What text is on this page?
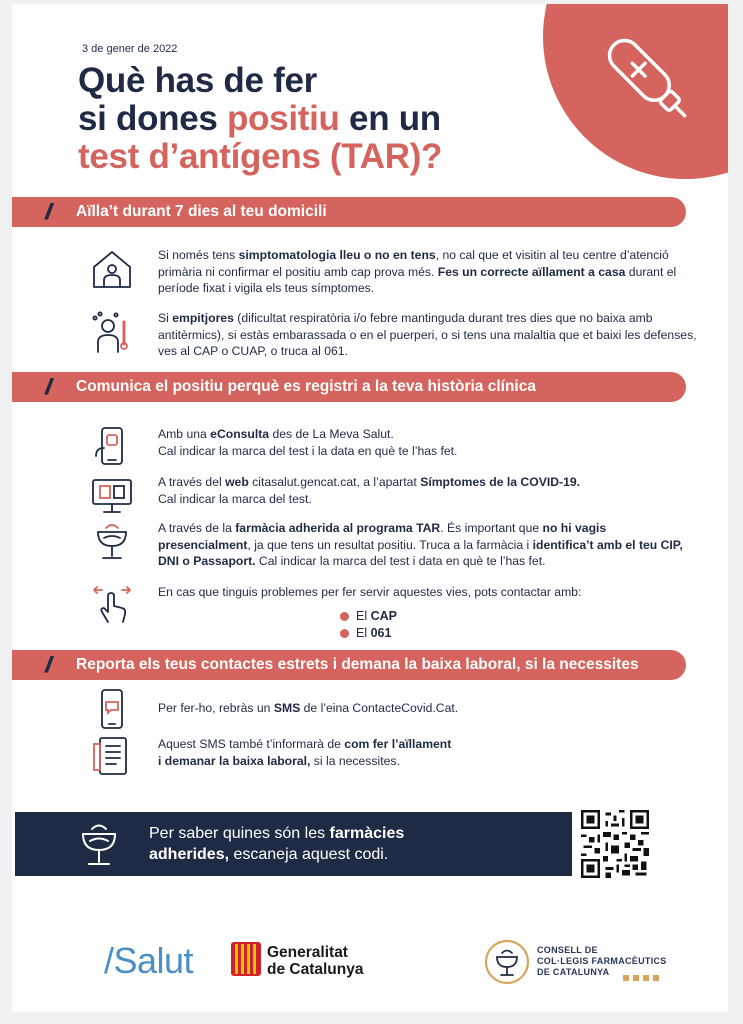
3 de gener de 2022
Què has de fer
si dones positiu en un
test d’antígens (TAR)?
// Aïlla’t durant 7 dies al teu domicili
Si només tens simptomatologia lleu o no en tens, no cal que et visitin al teu centre d’atenció primària ni confirmar el positiu amb cap prova més. Fes un correcte aïllament a casa durant el període fixat i vigila els teus símptomes.
Si empitjores (dificultat respiratòria i/o febre mantinguda durant tres dies que no baixa amb antitèrmics), si estàs embarassada o en el puerperi, o si tens una malaltia que et baixi les defenses, ves al CAP o CUAP, o truca al 061.
// Comunica el positiu perquè es registri a la teva història clínica
Amb una eConsulta des de La Meva Salut.
Cal indicar la marca del test i la data en què te l’has fet.
A través del web citasalut.gencat.cat, a l’apartat Símptomes de la COVID-19.
Cal indicar la marca del test.
A través de la farmàcia adherida al programa TAR. És important que no hi vagis presencialment, ja que tens un resultat positiu. Truca a la farmàcia i identifica’t amb el teu CIP, DNI o Passaport. Cal indicar la marca del test i data en què te l’has fet.
En cas que tinguis problemes per fer servir aquestes vies, pots contactar amb:
El CAP
El 061
// Reporta els teus contactes estrets i demana la baixa laboral, si la necessites
Per fer-ho, rebràs un SMS de l’eina ContacteCovid.Cat.
Aquest SMS també t’informarà de com fer l’aïllament
i demanar la baixa laboral, si la necessites.
Per saber quines són les farmàcies
adherides, escaneja aquest codi.
/Salut	Generalitat
de Catalunya
CONSELL DE
COL·LEGIS FARMACÈUTICS
DE CATALUNYA
